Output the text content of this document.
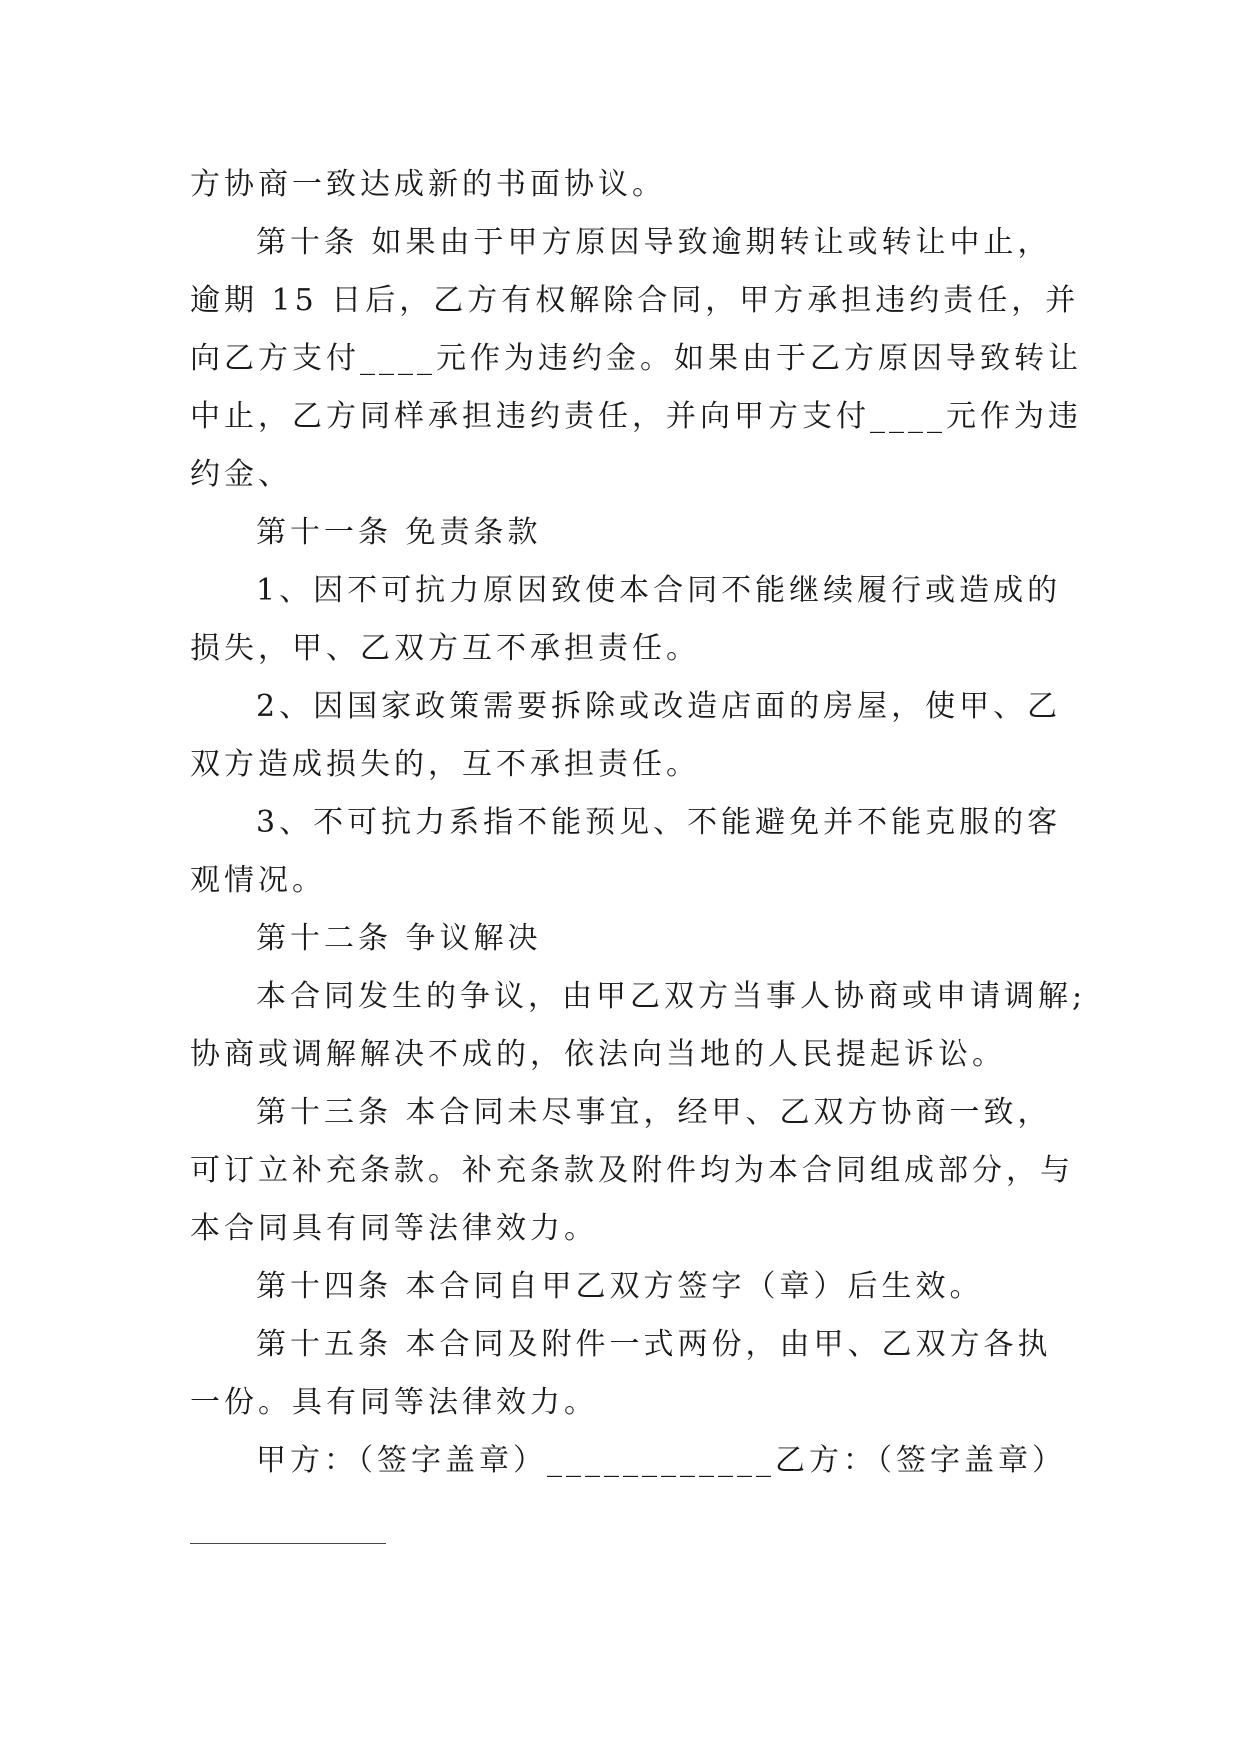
方协商一致达成新的书面协议。
第十条 如果由于甲方原因导致逾期转让或转让中止，
逾期 15 日后，乙方有权解除合同，甲方承担违约责任，并
向乙方支付____元作为违约金。如果由于乙方原因导致转让
中止，乙方同样承担违约责任，并向甲方支付____元作为违
约金、
第十一条 免责条款
1、因不可抗力原因致使本合同不能继续履行或造成的
损失，甲、乙双方互不承担责任。
2、因国家政策需要拆除或改造店面的房屋，使甲、乙
双方造成损失的，互不承担责任。
3、不可抗力系指不能预见、不能避免并不能克服的客
观情况。
第十二条 争议解决
本合同发生的争议，由甲乙双方当事人协商或申请调解;
协商或调解解决不成的，依法向当地的人民提起诉讼。
第十三条 本合同未尽事宜，经甲、乙双方协商一致，
可订立补充条款。补充条款及附件均为本合同组成部分，与
本合同具有同等法律效力。
第十四条 本合同自甲乙双方签字（章）后生效。
第十五条 本合同及附件一式两份，由甲、乙双方各执
一份。具有同等法律效力。
甲方：（签字盖章）____________乙方：（签字盖章）
